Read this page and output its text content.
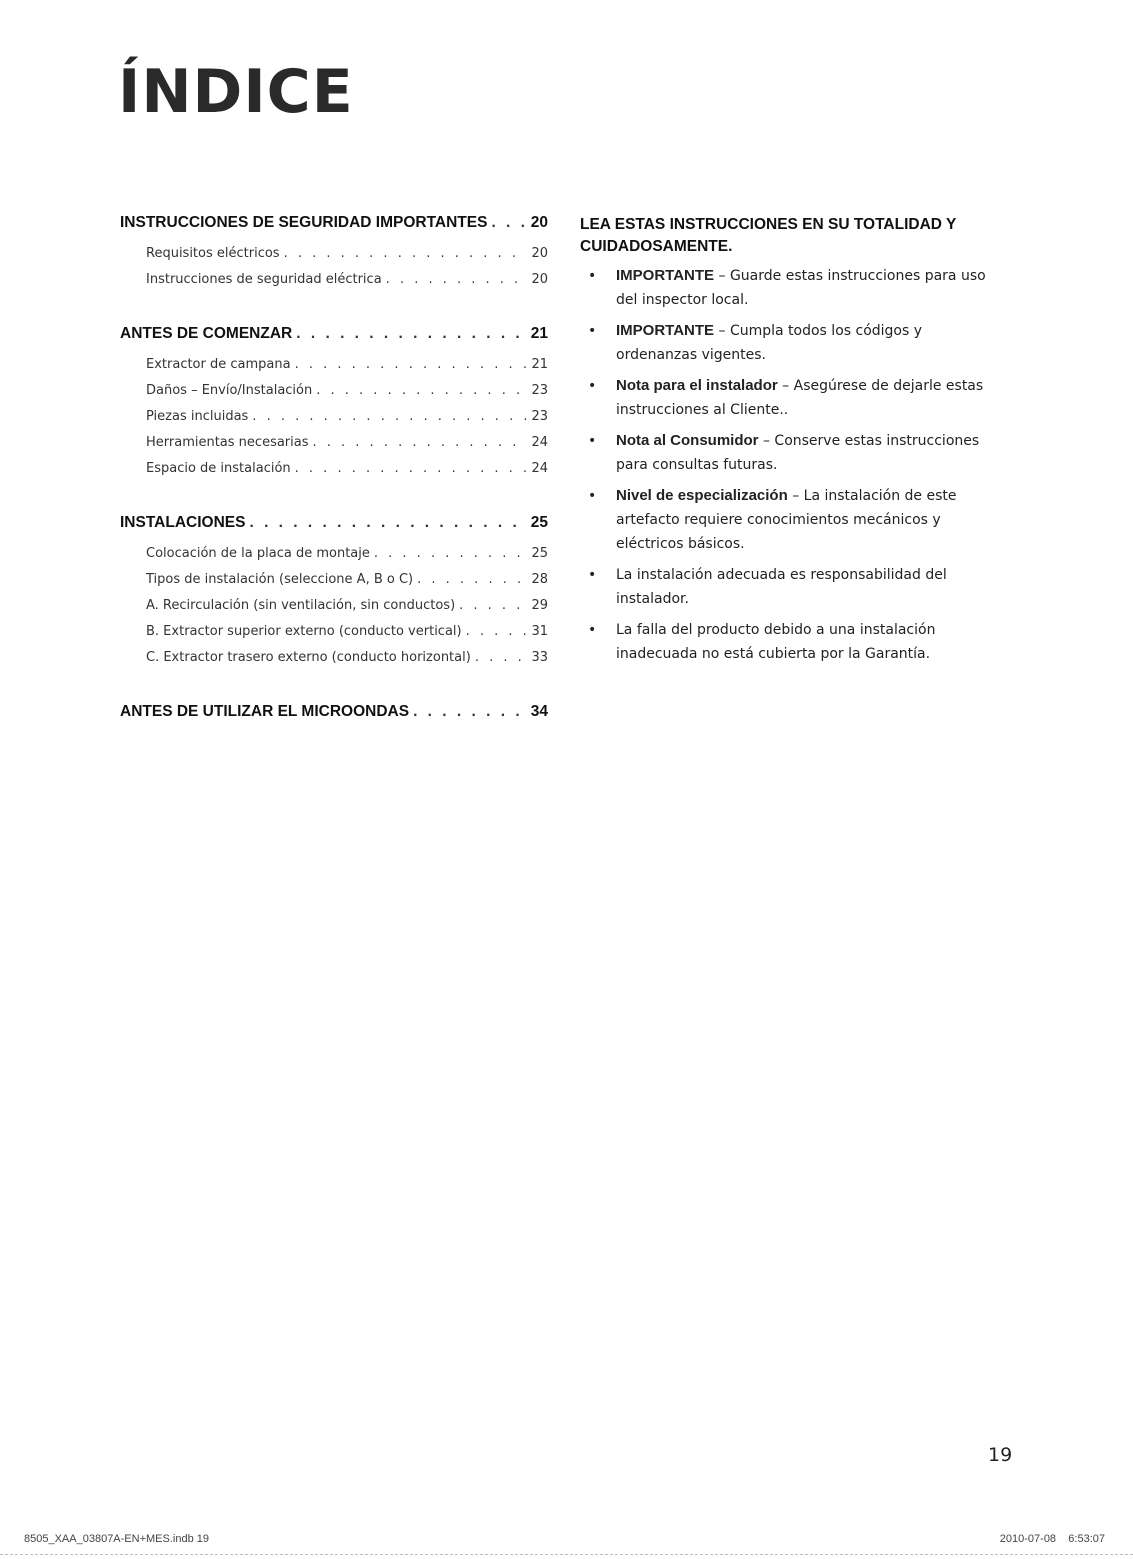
ÍNDICE
INSTRUCCIONES DE SEGURIDAD IMPORTANTES . . .	20
Requisitos eléctricos . . .	20
Instrucciones de seguridad eléctrica . . .	20
ANTES DE COMENZAR . . .	21
Extractor de campana . . .	21
Daños – Envío/Instalación . . .	23
Piezas incluidas . . .	23
Herramientas necesarias . . .	24
Espacio de instalación . . .	24
INSTALACIONES . . .	25
Colocación de la placa de montaje . . .	25
Tipos de instalación (seleccione A, B o C) . . .	28
A. Recirculación (sin ventilación, sin conductos) . . .	29
B. Extractor superior externo (conducto vertical) . . .	31
C. Extractor trasero externo (conducto horizontal) . . .	33
ANTES DE UTILIZAR EL MICROONDAS . . .	34
LEA ESTAS INSTRUCCIONES EN SU TOTALIDAD Y CUIDADOSAMENTE.
• IMPORTANTE – Guarde estas instrucciones para uso del inspector local.
• IMPORTANTE – Cumpla todos los códigos y ordenanzas vigentes.
• Nota para el instalador – Asegúrese de dejarle estas instrucciones al Cliente..
• Nota al Consumidor – Conserve estas instrucciones para consultas futuras.
• Nivel de especialización – La instalación de este artefacto requiere conocimientos mecánicos y eléctricos básicos.
• La instalación adecuada es responsabilidad del instalador.
• La falla del producto debido a una instalación inadecuada no está cubierta por la Garantía.
19
8505_XAA_03807A-EN+MES.indb 19	2010-07-08 6:53:07
